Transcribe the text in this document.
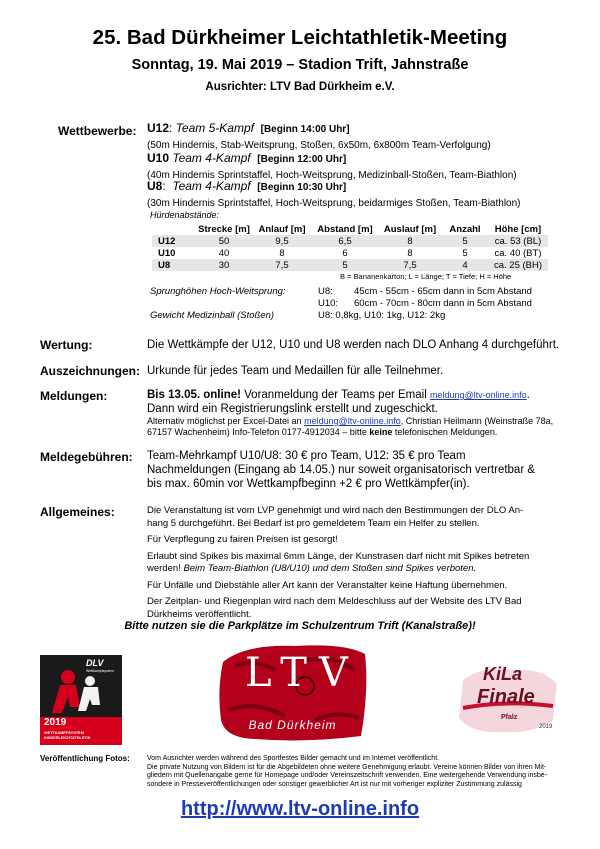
25. Bad Dürkheimer Leichtathletik-Meeting
Sonntag, 19. Mai 2019 – Stadion Trift, Jahnstraße
Ausrichter: LTV Bad Dürkheim e.V.
Wettbewerbe: U12: Team 5-Kampf [Beginn 14:00 Uhr]
(50m Hindernis, Stab-Weitsprung, Stoßen, 6x50m, 6x800m Team-Verfolgung)
U10 Team 4-Kampf [Beginn 12:00 Uhr]
(40m Hindernis Sprintstaffel, Hoch-Weitsprung, Medizinball-Stoßen, Team-Biathlon)
U8:  Team 4-Kampf [Beginn 10:30 Uhr]
(30m Hindernis Sprintstaffel, Hoch-Weitsprung, beidarmiges Stoßen, Team-Biathlon)
Hürdenabstände:
	Strecke [m]	Anlauf [m]	Abstand [m]	Auslauf [m]	Anzahl	Höhe [cm]
U12	50	9,5	6,5	8	5	ca. 53 (BL)
U10	40	8	6	8	5	ca. 40 (BT)
U8	30	7,5	5	7,5	4	ca. 25 (BH)
B = Bananenkarton; L = Länge; T = Tiefe; H = Höhe
Sprunghöhen Hoch-Weitsprung:	U8: 45cm - 55cm - 65cm dann in 5cm Abstand
U10: 60cm - 70cm - 80cm dann in 5cm Abstand
Gewicht Medizinball (Stoßen)	U8: 0,8kg, U10: 1kg, U12: 2kg
Wertung:	Die Wettkämpfe der U12, U10 und U8 werden nach DLO Anhang 4 durchgeführt.
Auszeichnungen: Urkunde für jedes Team und Medaillen für alle Teilnehmer.
Meldungen:	Bis 13.05. online! Voranmeldung der Teams per Email meldung@ltv-online.info.
Dann wird ein Registrierungslink erstellt und zugeschickt.
Alternativ möglichst per Excel-Datei an meldung@ltv-online.info, Christian Heilmann (Weinstraße 78a,
67157 Wachenheim) Info-Telefon 0177-4912034 – bitte keine telefonischen Meldungen.
Meldegebühren: Team-Mehrkampf U10/U8: 30 € pro Team, U12: 35 € pro Team
Nachmeldungen (Eingang ab 14.05.) nur soweit organisatorisch vertretbar &
bis max. 60min vor Wettkampfbeginn +2 € pro Wettkämpfer(in).
Allgemeines:	Die Veranstaltung ist vom LVP genehmigt und wird nach den Bestimmungen der DLO An-
hang 5 durchgeführt. Bei Bedarf ist pro gemeldetem Team ein Helfer zu stellen.
Für Verpflegung zu fairen Preisen ist gesorgt!
Erlaubt sind Spikes bis maximal 6mm Länge, der Kunstrasen darf nicht mit Spikes betreten
werden! Beim Team-Biathlon (U8/U10) und dem Stoßen sind Spikes verboten.
Für Unfälle und Diebstähle aller Art kann der Veranstalter keine Haftung übernehmen.
Der Zeitplan- und Riegenplan wird nach dem Meldeschluss auf der Website des LTV Bad
Dürkheims veröffentlicht.
Bitte nutzen sie die Parkplätze im Schulzentrum Trift (Kanalstraße)!
DLV
Wettkampfsystem
2019
WETTKAMPFSYSTEM KINDERLEICHTATHLETIK
LTV
Bad Dürkheim
KiLa
Finale
Pfalz
2019
Veröffentlichung Fotos: Vom Ausrichter werden während des Sportfestes Bilder gemacht und im Internet veröffentlicht.
Die private Nutzung von Bildern ist für die Abgebildeten ohne weitere Genehmigung erlaubt. Vereine können Bilder von ihren Mit-
gliedern mit Quellenangabe gerne für Homepage und/oder Vereinszeitschrift verwenden. Eine weitergehende Verwendung insbe-
sondere in Presseveröffentlichungen oder sonstiger gewerblicher Art ist nur mit vorheriger expliziter Zustimmung zulässig
http://www.ltv-online.info
